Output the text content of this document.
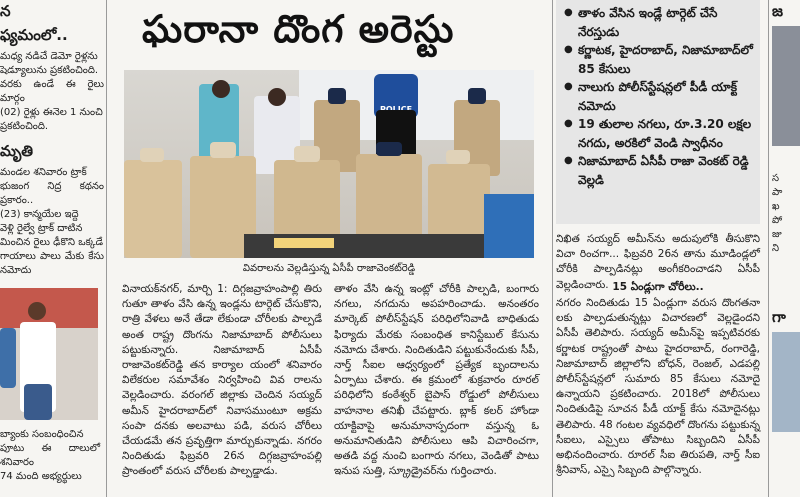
న
ఫ్యమంలో..
మధ్య నడిచే డెమో రైళ్లను
షెడ్యూలును ప్రకటించింది.
వరకు ఉండే ఈ రైలు మార్గం
(02) రైళ్లు ఈనెల 1 నుంచి
ప్రకటించింది.
మృతి
మండల శనివారం ట్రాక్
భుజంగ నిద్ర కథనం ప్రకారం..
(23) కాన్మయేల ఇద్దె
వెళ్లి రైల్వే ట్రాక్ దాటిన
మించిన రైలు ఢీకొని ఒక్కడే
గాయాలు పాలు మేకు కేసు నమోదు
బ్యాంకు సంబంధించిన
పూటు ఈ దాలులో శనివారం
74 మంది అభ్యర్థులు
ఘరానా దొంగ అరెస్టు
వివరాలను వెల్లడిస్తున్న ఏసీపీ రాజావెంకట్‌రెడ్డి
వినాయక్‌నగర్, మార్చి 1: దిగ్గజవ్రాహంపాల్లి తిరు గుతూ తాళం వేసి ఉన్న ఇండ్లను టార్గెట్ చేసుకొని, రాత్రి వేళలు అనే తేడా లేకుండా చోరీలకు పాల్పడే అంత రాష్ట్ర దొంగను నిజామాబాద్ పోలీసులు పట్టుకున్నారు. నిజామాబాద్ ఏసీపీ రాజావెంకట్‌రెడ్డి తన కార్యాల యంలో శనివారం విలేకరుల సమావేశం నిర్వహించి వివ రాలను వెల్లడించారు. వరంగల్ జిల్లాకు చెందిన సయ్యద్ అమీన్ హైదరాబాద్‌లో నివాసముంటూ అక్రమ సంపా దనకు అలవాటు పడి, వరుస చోరీలు చేయడమే తన ప్రవృత్తిగా మార్చుకున్నాడు. నగరం నిందితుడు ఫిబ్రవరి 26న దిగ్గజవ్రాహంపల్లి ప్రాంతంలో వరుస చోరీలకు పాల్పడ్డాడు.
తాళం వేసి ఉన్న ఇంట్లో చోరీకి పాల్పడి, బంగారు నగలు, నగదును అపహరించాడు. అనంతరం మార్కెట్ పోలీస్‌స్టేషన్ పరిధిలోనివాడి బాధితుడు ఫిర్యాదు మేరకు సంబంధిత కానిస్టేబుల్ కేసును నమోదు చేశారు. నిందితుడిని పట్టుకునేందుకు సీపీ, నార్త్ సీఐల ఆధ్వర్యంలో ప్రత్యేక బృందాలను ఏర్పాటు చేశారు. ఈ క్రమంలో శుక్రవారం రూరల్ పరిధిలోని కంఠేశ్వర్ బైపాస్ రోడ్డులో పోలీసులు వాహనాల తనిఖీ చేపట్టారు. బ్లాక్ కలర్ హోండా యాక్టివాపై అనుమానాస్పదంగా వస్తున్న ఓ అనుమానితుడిని పోలీసులు ఆపి విచారించగా, అతడి వద్ద నుంచి బంగారు నగలు, వెండితో పాటు ఇనుప సుత్తి, స్క్రూడ్రైవర్‌ను గుర్తించారు.
● తాళం వేసిన ఇండ్లే టార్గెట్ చేసే నేరస్తుడు
● కర్ణాటక, హైదరాబాద్, నిజామాబాద్‌లో 85 కేసులు
● నాలుగు పోలీస్‌స్టేషన్లలో పీడీ యాక్ట్ నమోదు
● 19 తులాల నగలు, రూ.3.20 లక్షల నగదు, అరకిలో వెండి స్వాధీనం
● నిజామాబాద్ ఏసీపీ రాజా వెంకట్ రెడ్డి వెల్లడి
నిఖిత సయ్యద్ అమీన్‌ను అదుపులోకి తీసుకొని విచా రించగా... ఫిబ్రవరి 26న తాను మూడిండ్లలో చోరీకి పాల్పడినట్లు అంగీకరించాడని ఏసీపీ వెల్లడించారు. 15 ఏండ్లుగా చోరీలు..
నగరం నిందితుడు 15 ఏండ్లుగా వరుస దొంగతనా లకు పాల్పడుతున్నట్లు విచారణలో వెల్లడైందని ఏసీపీ తెలిపారు. సయ్యద్ అమీన్‌పై ఇప్పటివరకు కర్ణాటక రాష్ట్రంతో పాటు హైదరాబాద్, రంగారెడ్డి, నిజామాబాద్ జిల్లాలోని బోధన్, రెంజల్, ఎడపల్లి పోలీస్‌స్టేషన్లలో సుమారు 85 కేసులు నమోదై ఉన్నాయని ప్రకటించారు. 2018లో పోలీసులు నిందితుడిపై సూచన పీడీ యాక్ట్ కేసు నమోదైనట్లు తెలిపారు. 48 గంటల వ్యవధిలో దొంగను పట్టుకున్న సీఐలు, ఎస్సైలు తోపాటు సిబ్బందిని ఏసీపీ అభినందించారు. రూరల్ సీఐ తిరుపతి, నార్త్ సీఐ శ్రీనివాస్, ఎస్సై సిబ్బంది పాల్గొన్నారు.
జ
స
పా
ఖ
పో
జు
ని
గా
